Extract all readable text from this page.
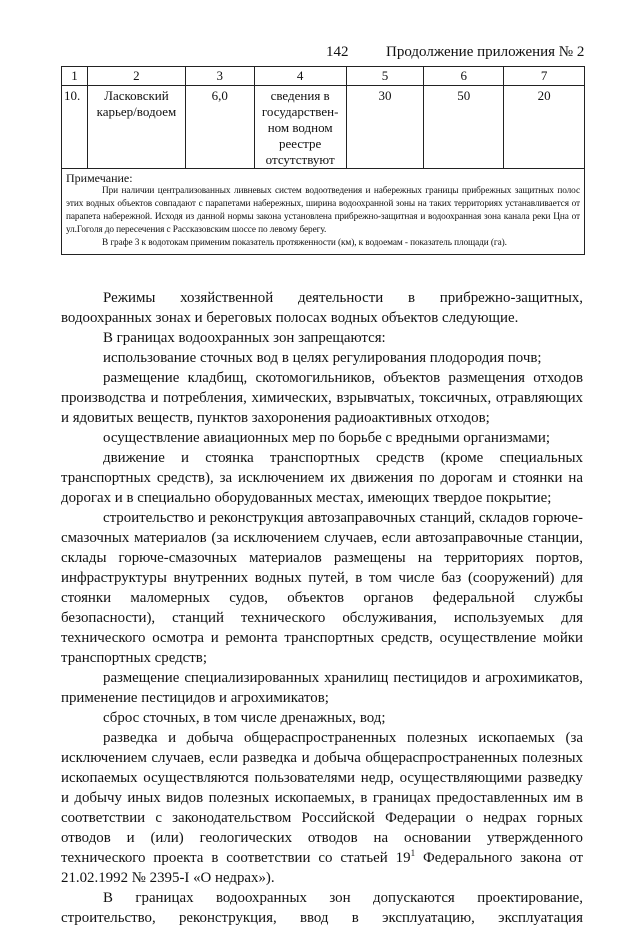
142	Продолжение приложения № 2
1	2	3	4	5	6	7
10.	Ласковский карьер/водоем	6,0	сведения в государствен-ном водном реестре отсутствуют	30	50	20

Примечание:

При наличии централизованных ливневых систем водоотведения и набережных границы прибрежных защитных полос этих водных объектов совпадают с парапетами набережных, ширина водоохранной зоны на таких территориях устанавливается от парапета набережной. Исходя из данной нормы закона установлена прибрежно-защитная и водоохранная зона канала реки Цна от ул.Гоголя до пересечения с Рассказовским шоссе по левому берегу.

В графе 3 к водотокам применим показатель протяженности (км), к водоемам - показатель площади (га).						

Режимы хозяйственной деятельности в прибрежно-защитных, водоохранных зонах и береговых полосах водных объектов следующие.

В границах водоохранных зон запрещаются:

использование сточных вод в целях регулирования плодородия почв;

размещение кладбищ, скотомогильников, объектов размещения отходов производства и потребления, химических, взрывчатых, токсичных, отравляющих и ядовитых веществ, пунктов захоронения радиоактивных отходов;

осуществление авиационных мер по борьбе с вредными организмами;

движение и стоянка транспортных средств (кроме специальных транспортных средств), за исключением их движения по дорогам и стоянки на дорогах и в специально оборудованных местах, имеющих твердое покрытие;

строительство и реконструкция автозаправочных станций, складов горюче-смазочных материалов (за исключением случаев, если автозаправочные станции, склады горюче-смазочных материалов размещены на территориях портов, инфраструктуры внутренних водных путей, в том числе баз (сооружений) для стоянки маломерных судов, объектов органов федеральной службы безопасности), станций технического обслуживания, используемых для технического осмотра и ремонта транспортных средств, осуществление мойки транспортных средств;

размещение специализированных хранилищ пестицидов и агрохимикатов, применение пестицидов и агрохимикатов;

сброс сточных, в том числе дренажных, вод;

разведка и добыча общераспространенных полезных ископаемых (за исключением случаев, если разведка и добыча общераспространенных полезных ископаемых осуществляются пользователями недр, осуществляющими разведку и добычу иных видов полезных ископаемых, в границах предоставленных им в соответствии с законодательством Российской Федерации о недрах горных отводов и (или) геологических отводов на основании утвержденного технического проекта в соответствии со статьей $19^1$ Федерального закона от 21.02.1992 № 2395-I «О недрах»).

В границах водоохранных зон допускаются проектирование, строительство, реконструкция, ввод в эксплуатацию, эксплуатация
